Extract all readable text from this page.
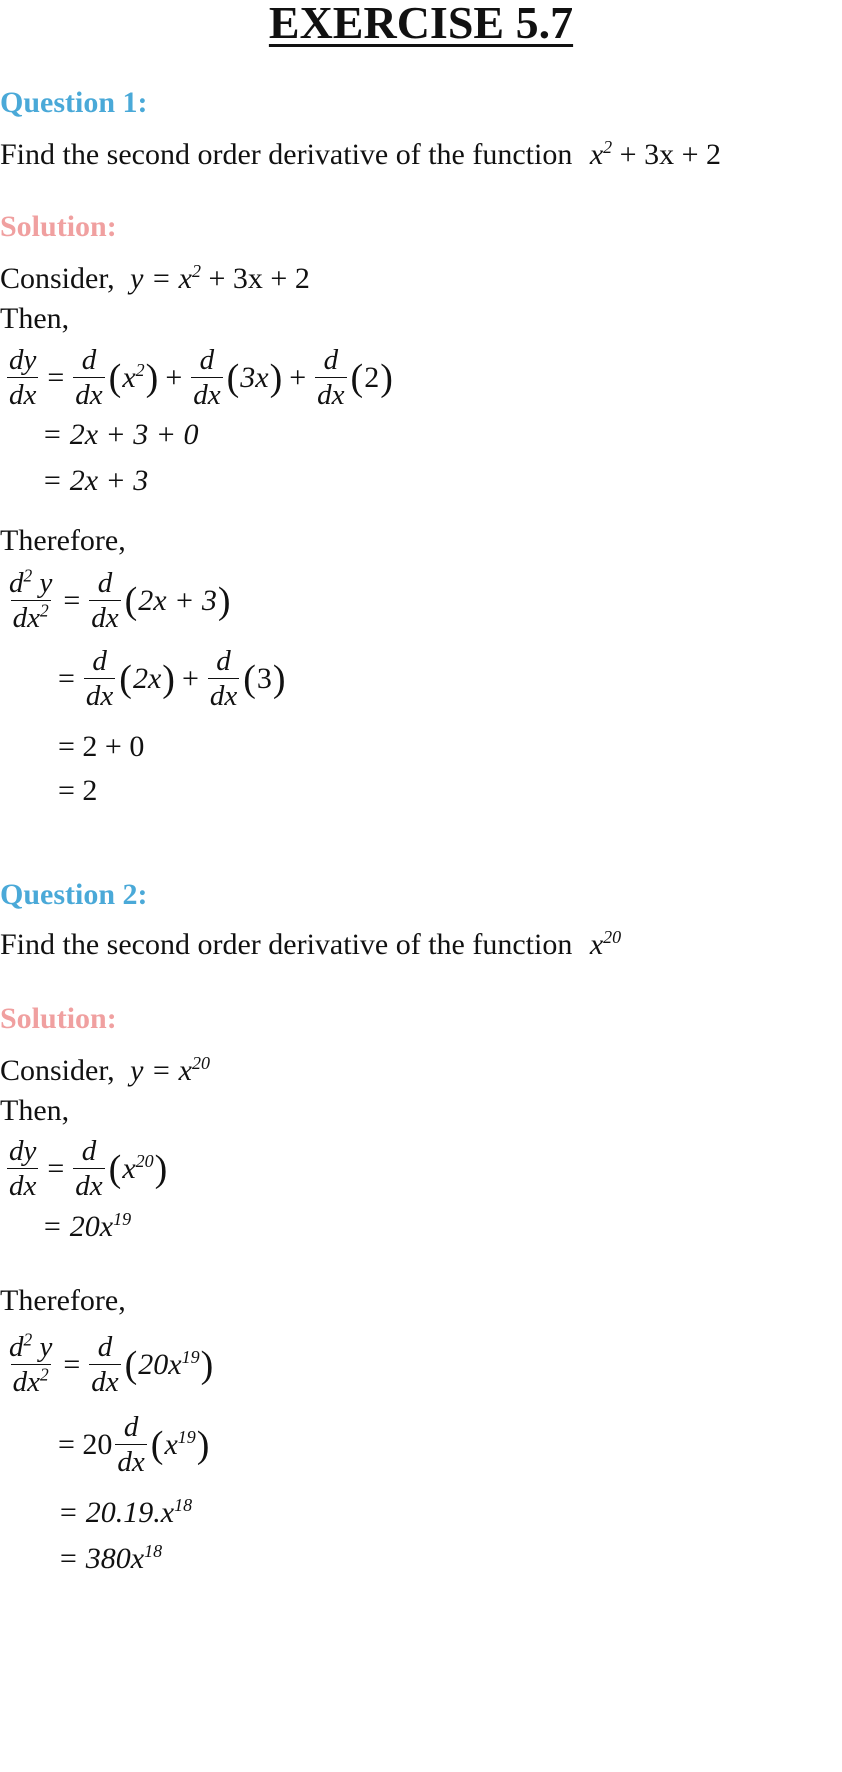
EXERCISE 5.7
Question 1:
Find the second order derivative of the function $x^2 + 3x + 2$
Solution:
Consider, $y = x^2 + 3x + 2$
Then,
$\frac{dy}{dx} = \frac{d}{dx}$ ( $x^2$ ) + $\frac{d}{dx}$ ( 3x ) + $\frac{d}{dx}$ ( 2 )
= 2x + 3 + 0
= 2x + 3
Therefore,
$\frac{d^2 y}{dx^2} = \frac{d}{dx}$ ( 2x + 3 )
= $\frac{d}{dx}$ ( 2x ) + $\frac{d}{dx}$ ( 3 )
= 2 + 0
= 2
Question 2:
Find the second order derivative of the function $x^{20}$
Solution:
Consider, $y = x^{20}$
Then,
$\frac{dy}{dx} = \frac{d}{dx}$ ( $x^{20}$ )
= $20x^{19}$
Therefore,
$\frac{d^2 y}{dx^2} = \frac{d}{dx}$ ( $20x^{19}$ )
= $20 \frac{d}{dx}$ ( $x^{19}$ )
= $20.19.x^{18}$
= $380x^{18}$
